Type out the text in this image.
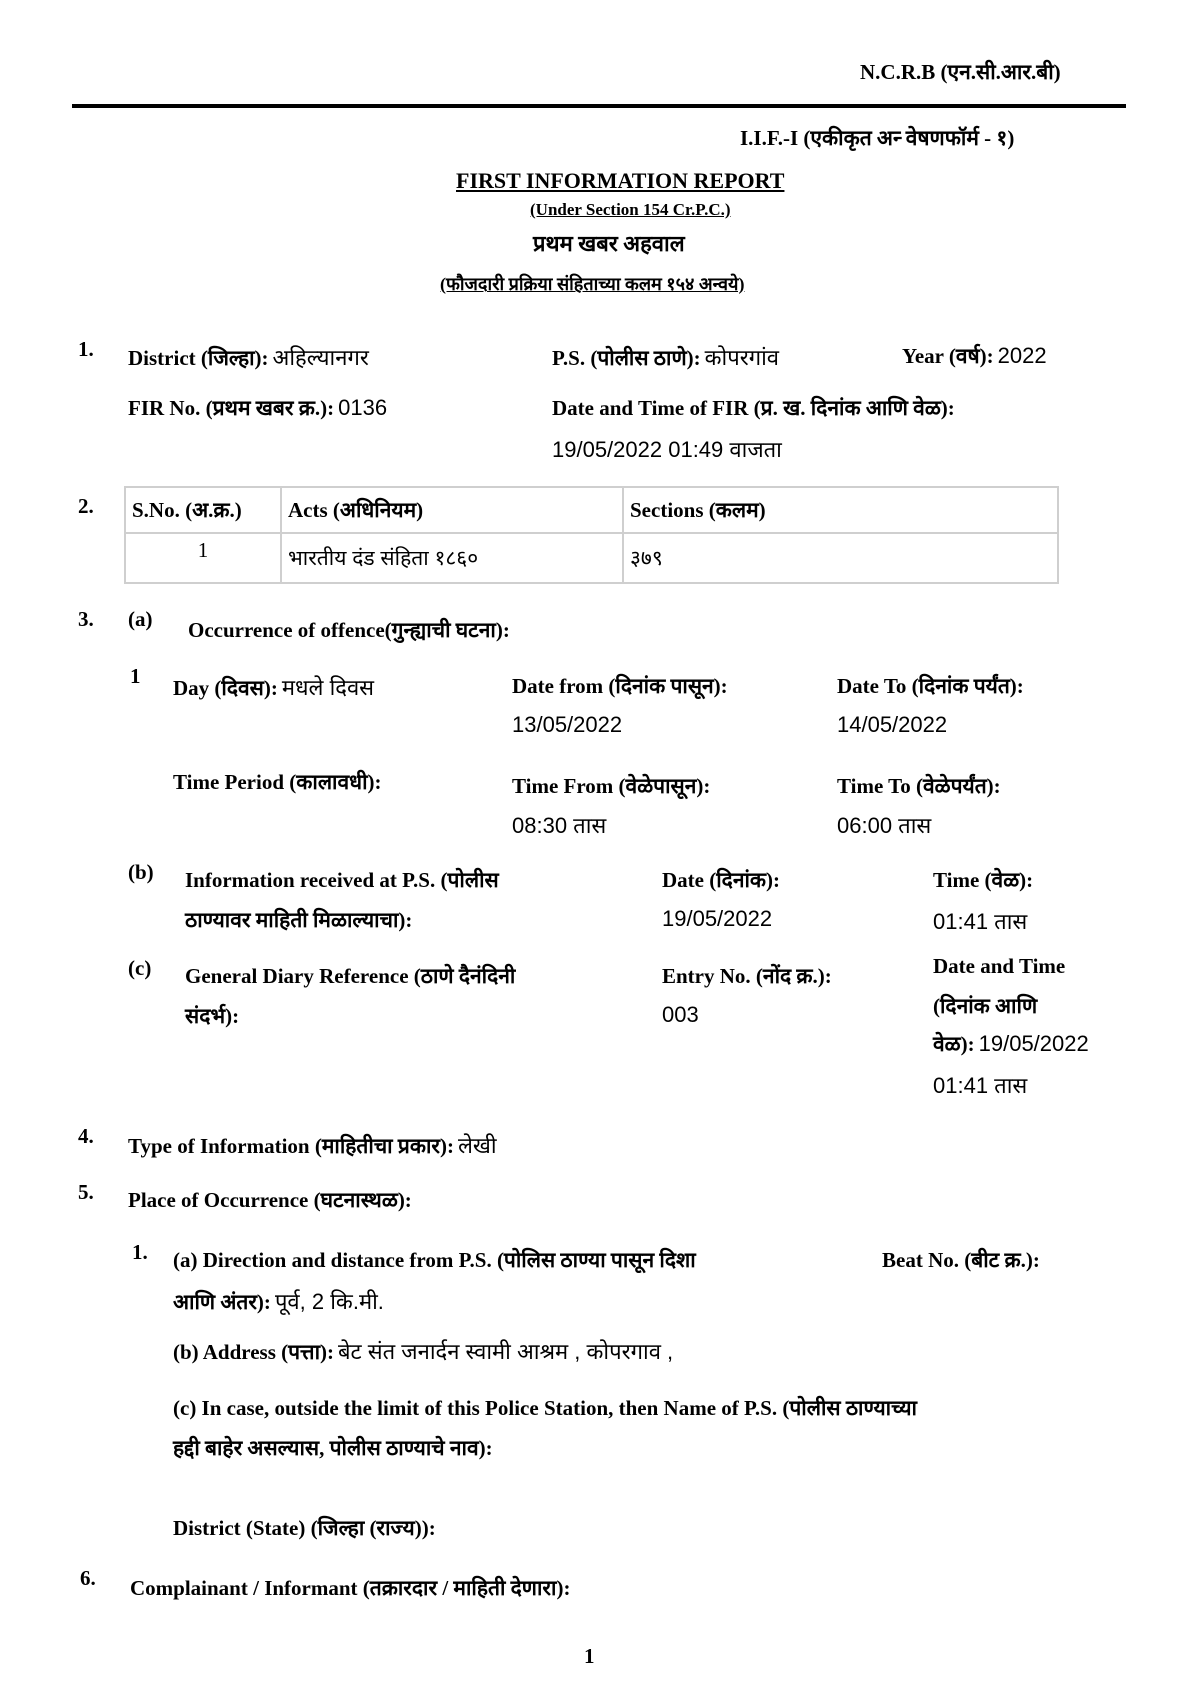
N.C.R.B (एन.सी.आर.बी)
I.I.F.-I (एकीकृत अन्‍ वेषणफॉर्म - १)
FIRST INFORMATION REPORT
(Under Section 154 Cr.P.C.)
प्रथम खबर अहवाल
(फौजदारी प्रक्रिया संहिताच्या कलम १५४ अन्वये)
1. District (जिल्हा): अहिल्यानगर	P.S. (पोलीस ठाणे): कोपरगांव	Year (वर्ष): 2022
FIR No. (प्रथम खबर क्र.): 0136	Date and Time of FIR (प्र. ख. दिनांक आणि वेळ):
19/05/2022 01:49 वाजता
2. S.No. (अ.क्र.)	Acts (अधिनियम)	Sections (कलम)
1	भारतीय दंड संहिता १८६०	३७९
3. (a) Occurrence of offence(गुन्ह्याची घटना):
1 Day (दिवस): मधले दिवस	Date from (दिनांक पासून):
13/05/2022
Date To (दिनांक पर्यंत):
14/05/2022
Time Period (कालावधी):	Time From (वेळेपासून):
08:30 तास
Time To (वेळेपर्यंत):
06:00 तास
(b) Information received at P.S. (पोलीस
ठाण्यावर माहिती मिळाल्याचा):
Date (दिनांक):
19/05/2022
Time (वेळ):
01:41 तास
(c) General Diary Reference (ठाणे दैनंदिनी
संदर्भ):
Entry No. (नोंद क्र.):
003
Date and Time
(दिनांक आणि
वेळ): 19/05/2022
01:41 तास
4. Type of Information (माहितीचा प्रकार): लेखी
5. Place of Occurrence (घटनास्थळ):
1. (a) Direction and distance from P.S. (पोलिस ठाण्या पासून दिशा
आणि अंतर): पूर्व, 2 कि.मी.
Beat No. (बीट क्र.):
(b) Address (पत्ता): बेट संत जनार्दन स्वामी आश्रम , कोपरगाव ,
(c) In case, outside the limit of this Police Station, then Name of P.S. (पोलीस ठाण्याच्या
हद्दी बाहेर असल्यास, पोलीस ठाण्याचे नाव):
District (State) (जिल्हा (राज्य)):
6. Complainant / Informant (तक्रारदार / माहिती देणारा):
1
